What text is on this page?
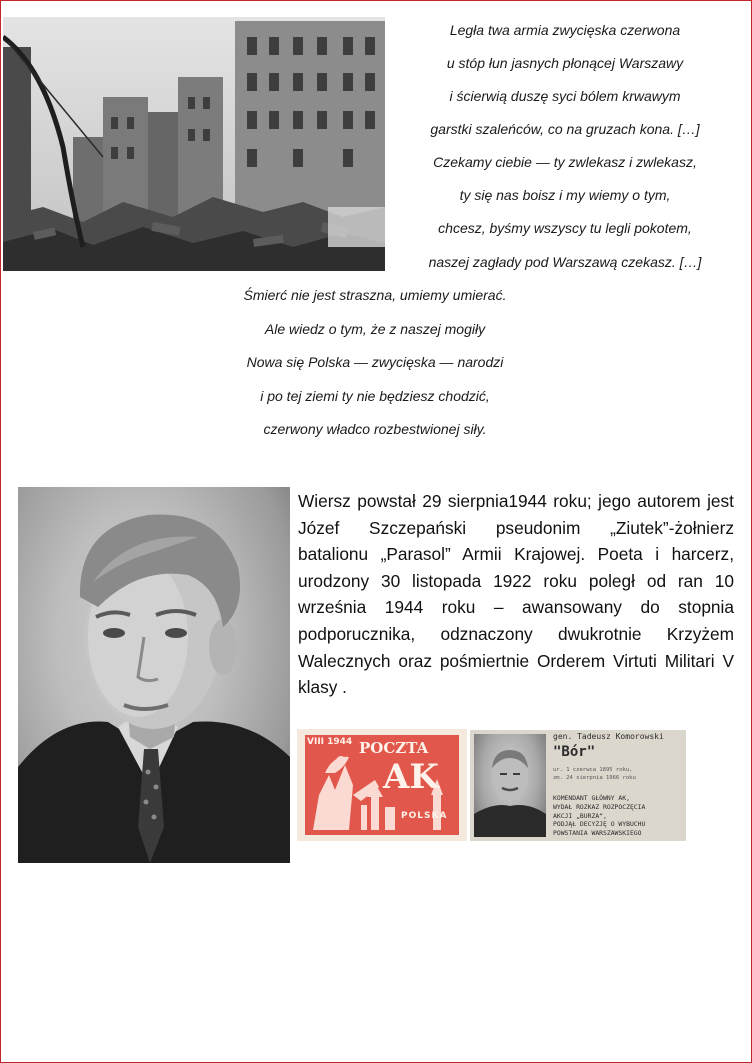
Legła twa armia zwycięska czerwona
u stóp łun jasnych płonącej Warszawy
i ścierwią duszę syci bólem krwawym
garstki szaleńców, co na gruzach kona. […]
Czekamy ciebie — ty zwlekasz i zwlekasz,
ty się nas boisz i my wiemy o tym,
chcesz, byśmy wszyscy tu legli pokotem,
naszej zagłady pod Warszawą czekasz. […]
Śmierć nie jest straszna, umiemy umierać.
Ale wiedz o tym, że z naszej mogiły
Nowa się Polska — zwycięska — narodzi
i po tej ziemi ty nie będziesz chodzić,
czerwony władco rozbestwionej siły.

Wiersz powstał 29 sierpnia1944 roku; jego autorem jest Józef Szczepański pseudonim „Ziutek”-żołnierz batalionu „Parasol” Armii Krajowej. Poeta i harcerz, urodzony 30 listopada 1922 roku poległ od ran 10 września 1944 roku – awansowany do stopnia podporucznika, odznaczony dwukrotnie Krzyżem Walecznych oraz pośmiertnie Orderem Virtuti Militari V klasy .

VIII 1944 POCZTA
AK
POLSKA
gen. Tadeusz Komorowski
"Bór"
ur. 1 czerwca 1895 roku,
zm. 24 sierpnia 1966 roku
KOMENDANT GŁÓWNY AK,
WYDAŁ ROZKAZ ROZPOCZĘCIA
AKCJI „BURZA”,
PODJĄŁ DECYZJĘ O WYBUCHU
POWSTANIA WARSZAWSKIEGO
